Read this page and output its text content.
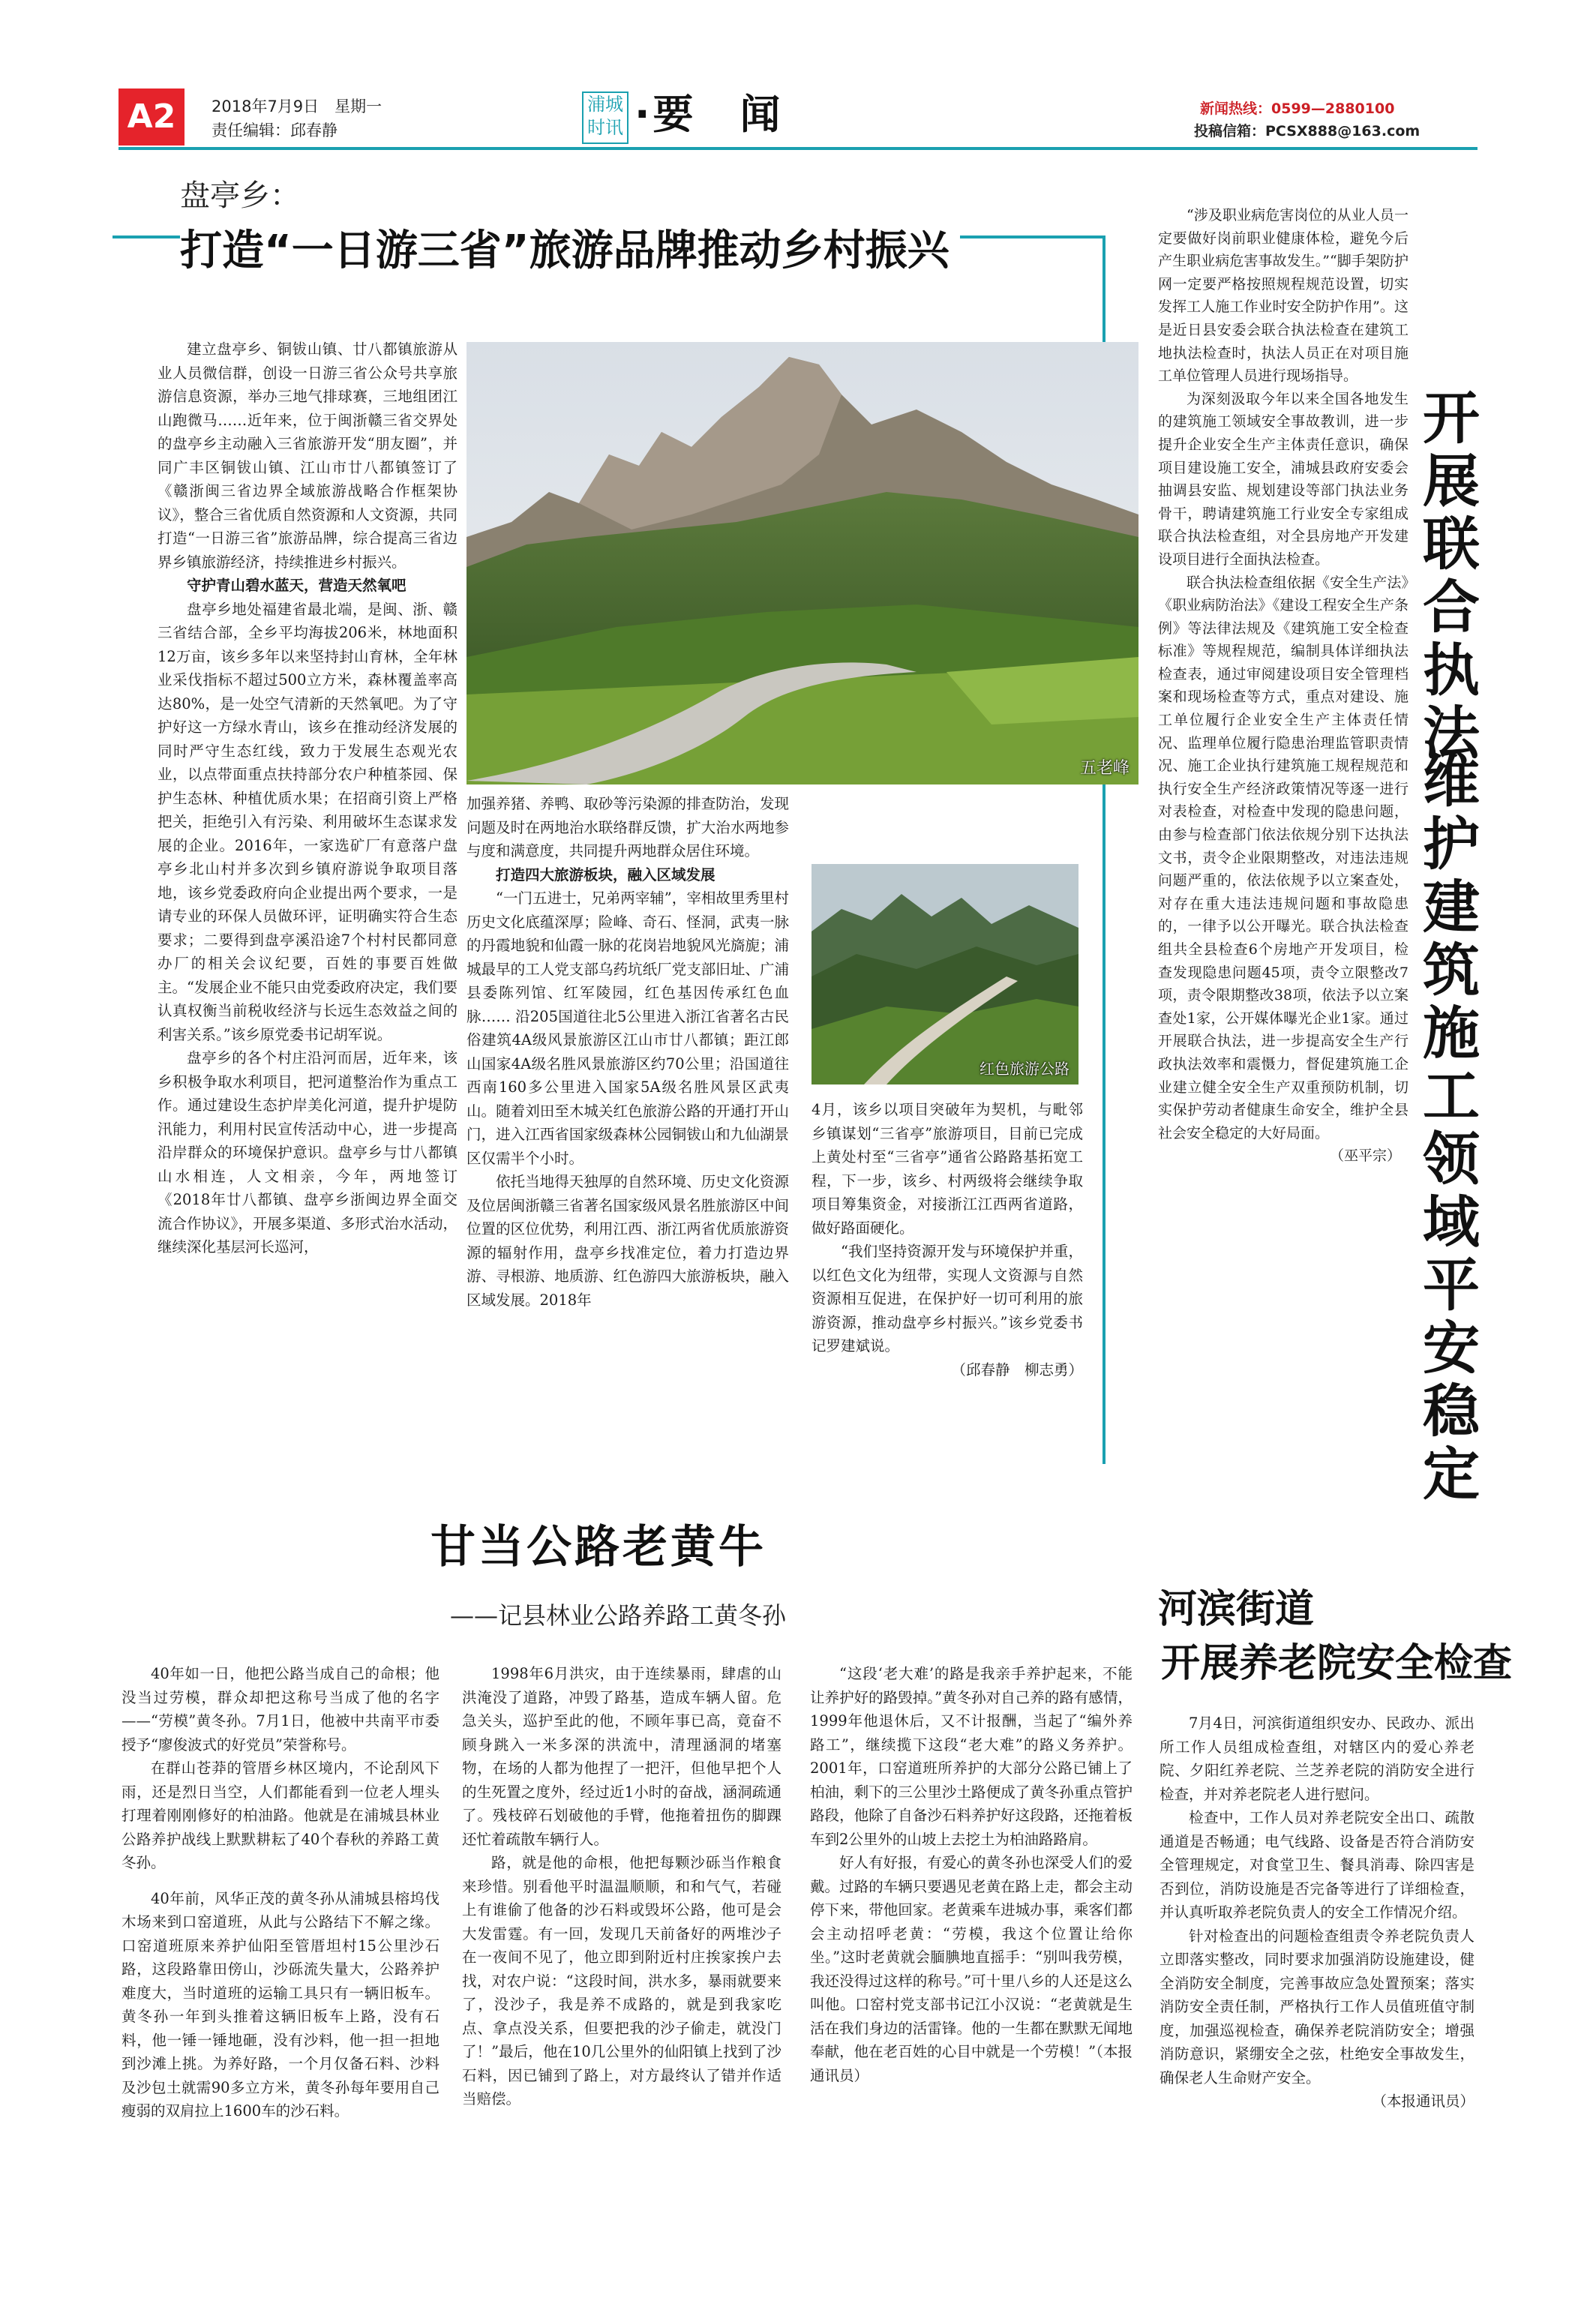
A2	2018年7月9日　星期一
责任编辑：邱春静
浦城
时讯 ·要　闻	新闻热线：0599—2880100
投稿信箱：PCSX888@163.com
盘亭乡：
打造“一日游三省”旅游品牌推动乡村振兴

建立盘亭乡、铜钹山镇、廿八都镇旅游从业人员微信群，创设一日游三省公众号共享旅游信息资源，举办三地气排球赛，三地组团江山跑微马……近年来，位于闽浙赣三省交界处的盘亭乡主动融入三省旅游开发“朋友圈”，并同广丰区铜钹山镇、江山市廿八都镇签订了《赣浙闽三省边界全域旅游战略合作框架协议》，整合三省优质自然资源和人文资源，共同打造“一日游三省”旅游品牌，综合提高三省边界乡镇旅游经济，持续推进乡村振兴。

守护青山碧水蓝天，营造天然氧吧

盘亭乡地处福建省最北端，是闽、浙、赣三省结合部，全乡平均海拔206米，林地面积12万亩，该乡多年以来坚持封山育林，全年林业采伐指标不超过500立方米，森林覆盖率高达80%，是一处空气清新的天然氧吧。为了守护好这一方绿水青山，该乡在推动经济发展的同时严守生态红线，致力于发展生态观光农业，以点带面重点扶持部分农户种植茶园、保护生态林、种植优质水果；在招商引资上严格把关，拒绝引入有污染、利用破坏生态谋求发展的企业。2016年，一家选矿厂有意落户盘亭乡北山村并多次到乡镇府游说争取项目落地，该乡党委政府向企业提出两个要求，一是请专业的环保人员做环评，证明确实符合生态要求；二要得到盘亭溪沿途7个村村民都同意办厂的相关会议纪要，百姓的事要百姓做主。“发展企业不能只由党委政府决定，我们要认真权衡当前税收经济与长远生态效益之间的利害关系。”该乡原党委书记胡军说。

盘亭乡的各个村庄沿河而居，近年来，该乡积极争取水利项目，把河道整治作为重点工作。通过建设生态护岸美化河道，提升护堤防汛能力，利用村民宣传活动中心，进一步提高沿岸群众的环境保护意识。盘亭乡与廿八都镇山水相连，人文相亲，今年，两地签订《2018年廿八都镇、盘亭乡浙闽边界全面交流合作协议》，开展多渠道、多形式治水活动，继续深化基层河长巡河，

五老峰

加强养猪、养鸭、取砂等污染源的排查防治，发现问题及时在两地治水联络群反馈，扩大治水两地参与度和满意度，共同提升两地群众居住环境。

打造四大旅游板块，融入区域发展

“一门五进士，兄弟两宰辅”，宰相故里秀里村历史文化底蕴深厚；险峰、奇石、怪洞，武夷一脉的丹霞地貌和仙霞一脉的花岗岩地貌风光旖旎；浦城最早的工人党支部乌药坑纸厂党支部旧址、广浦县委陈列馆、红军陵园，红色基因传承红色血脉…… 沿205国道往北5公里进入浙江省著名古民俗建筑4A级风景旅游区江山市廿八都镇；距江郎山国家4A级名胜风景旅游区约70公里；沿国道往西南160多公里进入国家5A级名胜风景区武夷山。随着刘田至木城关红色旅游公路的开通打开山门，进入江西省国家级森林公园铜钹山和九仙湖景区仅需半个小时。

依托当地得天独厚的自然环境、历史文化资源及位居闽浙赣三省著名国家级风景名胜旅游区中间位置的区位优势，利用江西、浙江两省优质旅游资源的辐射作用，盘亭乡找准定位，着力打造边界游、寻根游、地质游、红色游四大旅游板块，融入区域发展。2018年

红色旅游公路

4月，该乡以项目突破年为契机，与毗邻乡镇谋划“三省亭”旅游项目，目前已完成上黄处村至“三省亭”通省公路路基拓宽工程，下一步，该乡、村两级将会继续争取项目筹集资金，对接浙江江西两省道路，做好路面硬化。

“我们坚持资源开发与环境保护并重，以红色文化为纽带，实现人文资源与自然资源相互促进，在保护好一切可利用的旅游资源，推动盘亭乡村振兴。”该乡党委书记罗建斌说。

（邱春静　柳志勇）

“涉及职业病危害岗位的从业人员一定要做好岗前职业健康体检，避免今后产生职业病危害事故发生。”“脚手架防护网一定要严格按照规程规范设置，切实发挥工人施工作业时安全防护作用”。这是近日县安委会联合执法检查在建筑工地执法检查时，执法人员正在对项目施工单位管理人员进行现场指导。

为深刻汲取今年以来全国各地发生的建筑施工领域安全事故教训，进一步提升企业安全生产主体责任意识，确保项目建设施工安全，浦城县政府安委会抽调县安监、规划建设等部门执法业务骨干，聘请建筑施工行业安全专家组成联合执法检查组，对全县房地产开发建设项目进行全面执法检查。

联合执法检查组依据《安全生产法》《职业病防治法》《建设工程安全生产条例》等法律法规及《建筑施工安全检查标准》等规程规范，编制具体详细执法检查表，通过审阅建设项目安全管理档案和现场检查等方式，重点对建设、施工单位履行企业安全生产主体责任情况、监理单位履行隐患治理监管职责情况、施工企业执行建筑施工规程规范和执行安全生产经济政策情况等逐一进行对表检查，对检查中发现的隐患问题，由参与检查部门依法依规分别下达执法文书，责令企业限期整改，对违法违规问题严重的，依法依规予以立案查处，对存在重大违法违规问题和事故隐患的，一律予以公开曝光。联合执法检查组共全县检查6个房地产开发项目，检查发现隐患问题45项，责令立限整改7项，责令限期整改38项，依法予以立案查处1家，公开媒体曝光企业1家。通过开展联合执法，进一步提高安全生产行政执法效率和震慑力，督促建筑施工企业建立健全安全生产双重预防机制，切实保护劳动者健康生命安全，维护全县社会安全稳定的大好局面。

（巫平宗）
开展联合执法
维护建筑施工领域平安稳定
甘当公路老黄牛
——记县林业公路养路工黄冬孙

40年如一日，他把公路当成自己的命根；他没当过劳模，群众却把这称号当成了他的名字——“劳模”黄冬孙。7月1日，他被中共南平市委授予“廖俊波式的好党员”荣誉称号。

在群山苍莽的管厝乡林区境内，不论刮风下雨，还是烈日当空，人们都能看到一位老人埋头打理着刚刚修好的柏油路。他就是在浦城县林业公路养护战线上默默耕耘了40个春秋的养路工黄冬孙。

40年前，风华正茂的黄冬孙从浦城县榕坞伐木场来到口窑道班，从此与公路结下不解之缘。口窑道班原来养护仙阳至管厝坦村15公里沙石路，这段路靠田傍山，沙砾流失量大，公路养护难度大，当时道班的运输工具只有一辆旧板车。黄冬孙一年到头推着这辆旧板车上路，没有石料，他一锤一锤地砸，没有沙料，他一担一担地到沙滩上挑。为养好路，一个月仅备石料、沙料及沙包土就需90多立方米，黄冬孙每年要用自己瘦弱的双肩拉上1600车的沙石料。

1998年6月洪灾，由于连续暴雨，肆虐的山洪淹没了道路，冲毁了路基，造成车辆人留。危急关头，巡护至此的他，不顾年事已高，竟奋不顾身跳入一米多深的洪流中，清理涵洞的堵塞物，在场的人都为他捏了一把汗，但他早把个人的生死置之度外，经过近1小时的奋战，涵洞疏通了。残枝碎石划破他的手臂，他拖着扭伤的脚踝还忙着疏散车辆行人。

路，就是他的命根，他把每颗沙砾当作粮食来珍惜。别看他平时温温顺顺，和和气气，若碰上有谁偷了他备的沙石料或毁坏公路，他可是会大发雷霆。有一回，发现几天前备好的两堆沙子在一夜间不见了，他立即到附近村庄挨家挨户去找，对农户说：“这段时间，洪水多，暴雨就要来了，没沙子，我是养不成路的，就是到我家吃点、拿点没关系，但要把我的沙子偷走，就没门了！”最后，他在10几公里外的仙阳镇上找到了沙石料，因已铺到了路上，对方最终认了错并作适当赔偿。

“这段‘老大难’的路是我亲手养护起来，不能让养护好的路毁掉。”黄冬孙对自己养的路有感情，1999年他退休后，又不计报酬，当起了“编外养路工”，继续揽下这段“老大难”的路义务养护。2001年，口窑道班所养护的大部分公路已铺上了柏油，剩下的三公里沙土路便成了黄冬孙重点管护路段，他除了自备沙石料养护好这段路，还拖着板车到2公里外的山坡上去挖土为柏油路路肩。

好人有好报，有爱心的黄冬孙也深受人们的爱戴。过路的车辆只要遇见老黄在路上走，都会主动停下来，带他回家。老黄乘车进城办事，乘客们都会主动招呼老黄：“劳模，我这个位置让给你坐。”这时老黄就会腼腆地直摇手：“别叫我劳模，我还没得过这样的称号。”可十里八乡的人还是这么叫他。口窑村党支部书记江小汉说：“老黄就是生活在我们身边的活雷锋。他的一生都在默默无闻地奉献，他在老百姓的心目中就是一个劳模！”（本报通讯员）

河滨街道
开展养老院安全检查

7月4日，河滨街道组织安办、民政办、派出所工作人员组成检查组，对辖区内的爱心养老院、夕阳红养老院、兰芝养老院的消防安全进行检查，并对养老院老人进行慰问。

检查中，工作人员对养老院安全出口、疏散通道是否畅通；电气线路、设备是否符合消防安全管理规定，对食堂卫生、餐具消毒、除四害是否到位，消防设施是否完备等进行了详细检查，并认真听取养老院负责人的安全工作情况介绍。

针对检查出的问题检查组责令养老院负责人立即落实整改，同时要求加强消防设施建设，健全消防安全制度，完善事故应急处置预案；落实消防安全责任制，严格执行工作人员值班值守制度，加强巡视检查，确保养老院消防安全；增强消防意识，紧绷安全之弦，杜绝安全事故发生，确保老人生命财产安全。

（本报通讯员）
